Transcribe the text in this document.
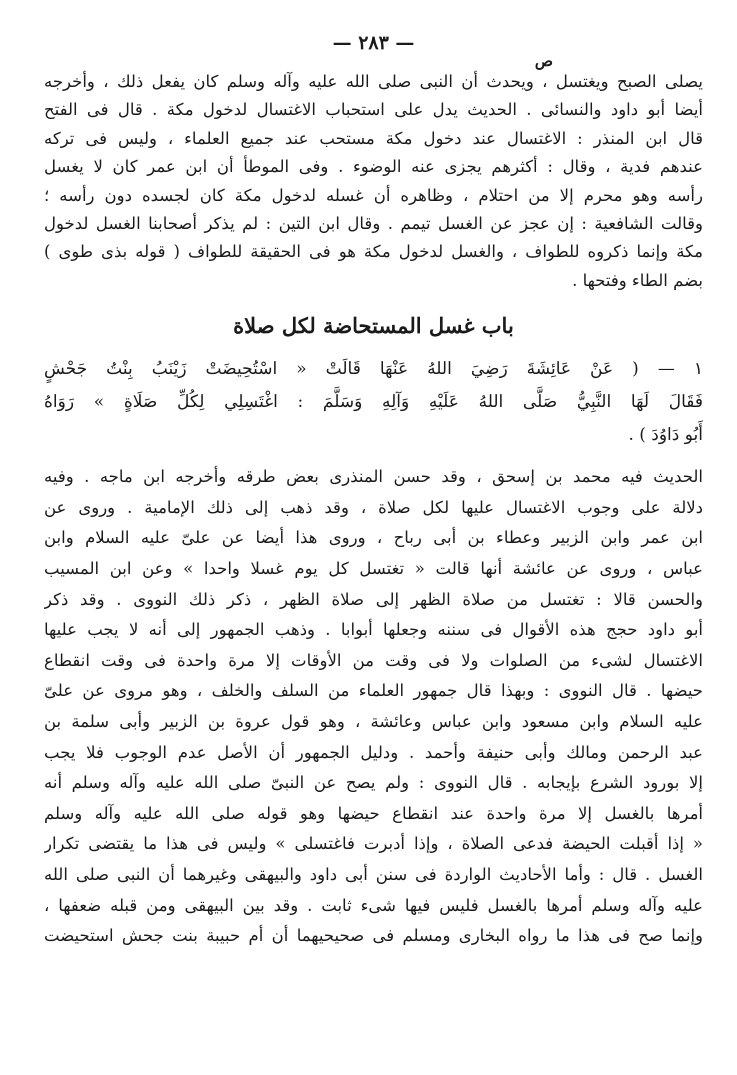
— ٢٨٣ —
ص
يصلى الصبح ويغتسل ، ويحدث أن النبى صلى الله عليه وآله وسلم كان يفعل ذلك ، وأخرجه
أيضا أبو داود والنسائى . الحديث يدل على استحباب الاغتسال لدخول مكة . قال فى الفتح
قال ابن المنذر : الاغتسال عند دخول مكة مستحب عند جميع العلماء ، وليس فى تركه
عندهم فدية ، وقال : أكثرهم يجزى عنه الوضوء . وفى الموطأ أن ابن عمر كان لا يغسل
رأسه وهو محرم إلا من احتلام ، وظاهره أن غسله لدخول مكة كان لجسده دون رأسه ؛
وقالت الشافعية : إن عجز عن الغسل تيمم . وقال ابن التين : لم يذكر أصحابنا الغسل لدخول
مكة وإنما ذكروه للطواف ، والغسل لدخول مكة هو فى الحقيقة للطواف ( قوله بذى طوى )
بضم الطاء وفتحها .
باب غسل المستحاضة لكل صلاة
١ — ( عَنْ عَائِشَةَ رَضِيَ اللهُ عَنْهَا قَالَتْ « اسْتُحِيضَتْ زَيْنَبُ بِنْتُ جَحْشٍ
فَقَالَ لَهَا النَّبِيُّ صَلَّى اللهُ عَلَيْهِ وَآلِهِ وَسَلَّمَ : اغْتَسِلِي لِكُلِّ صَلَاةٍ » رَوَاهُ
أَبُو دَاوُدَ ) .
الحديث فيه محمد بن إسحق ، وقد حسن المنذرى بعض طرقه وأخرجه ابن ماجه . وفيه
دلالة على وجوب الاغتسال عليها لكل صلاة ، وقد ذهب إلى ذلك الإمامية . وروى عن
ابن عمر وابن الزبير وعطاء بن أبى رباح ، وروى هذا أيضا عن علىّ عليه السلام وابن
عباس ، وروى عن عائشة أنها قالت « تغتسل كل يوم غسلا واحدا » وعن ابن المسيب
والحسن قالا : تغتسل من صلاة الظهر إلى صلاة الظهر ، ذكر ذلك النووى . وقد ذكر
أبو داود حجج هذه الأقوال فى سننه وجعلها أبوابا . وذهب الجمهور إلى أنه لا يجب عليها
الاغتسال لشىء من الصلوات ولا فى وقت من الأوقات إلا مرة واحدة فى وقت انقطاع
حيضها . قال النووى : وبهذا قال جمهور العلماء من السلف والخلف ، وهو مروى عن علىّ
عليه السلام وابن مسعود وابن عباس وعائشة ، وهو قول عروة بن الزبير وأبى سلمة بن
عبد الرحمن ومالك وأبى حنيفة وأحمد . ودليل الجمهور أن الأصل عدم الوجوب فلا يجب
إلا بورود الشرع بإيجابه . قال النووى : ولم يصح عن النبىّ صلى الله عليه وآله وسلم أنه
أمرها بالغسل إلا مرة واحدة عند انقطاع حيضها وهو قوله صلى الله عليه وآله وسلم
« إذا أقبلت الحيضة فدعى الصلاة ، وإذا أدبرت فاغتسلى » وليس فى هذا ما يقتضى تكرار
الغسل . قال : وأما الأحاديث الواردة فى سنن أبى داود والبيهقى وغيرهما أن النبى صلى الله
عليه وآله وسلم أمرها بالغسل فليس فيها شىء ثابت . وقد بين البيهقى ومن قبله ضعفها ،
وإنما صح فى هذا ما رواه البخارى ومسلم فى صحيحيهما أن أم حبيبة بنت جحش استحيضت
